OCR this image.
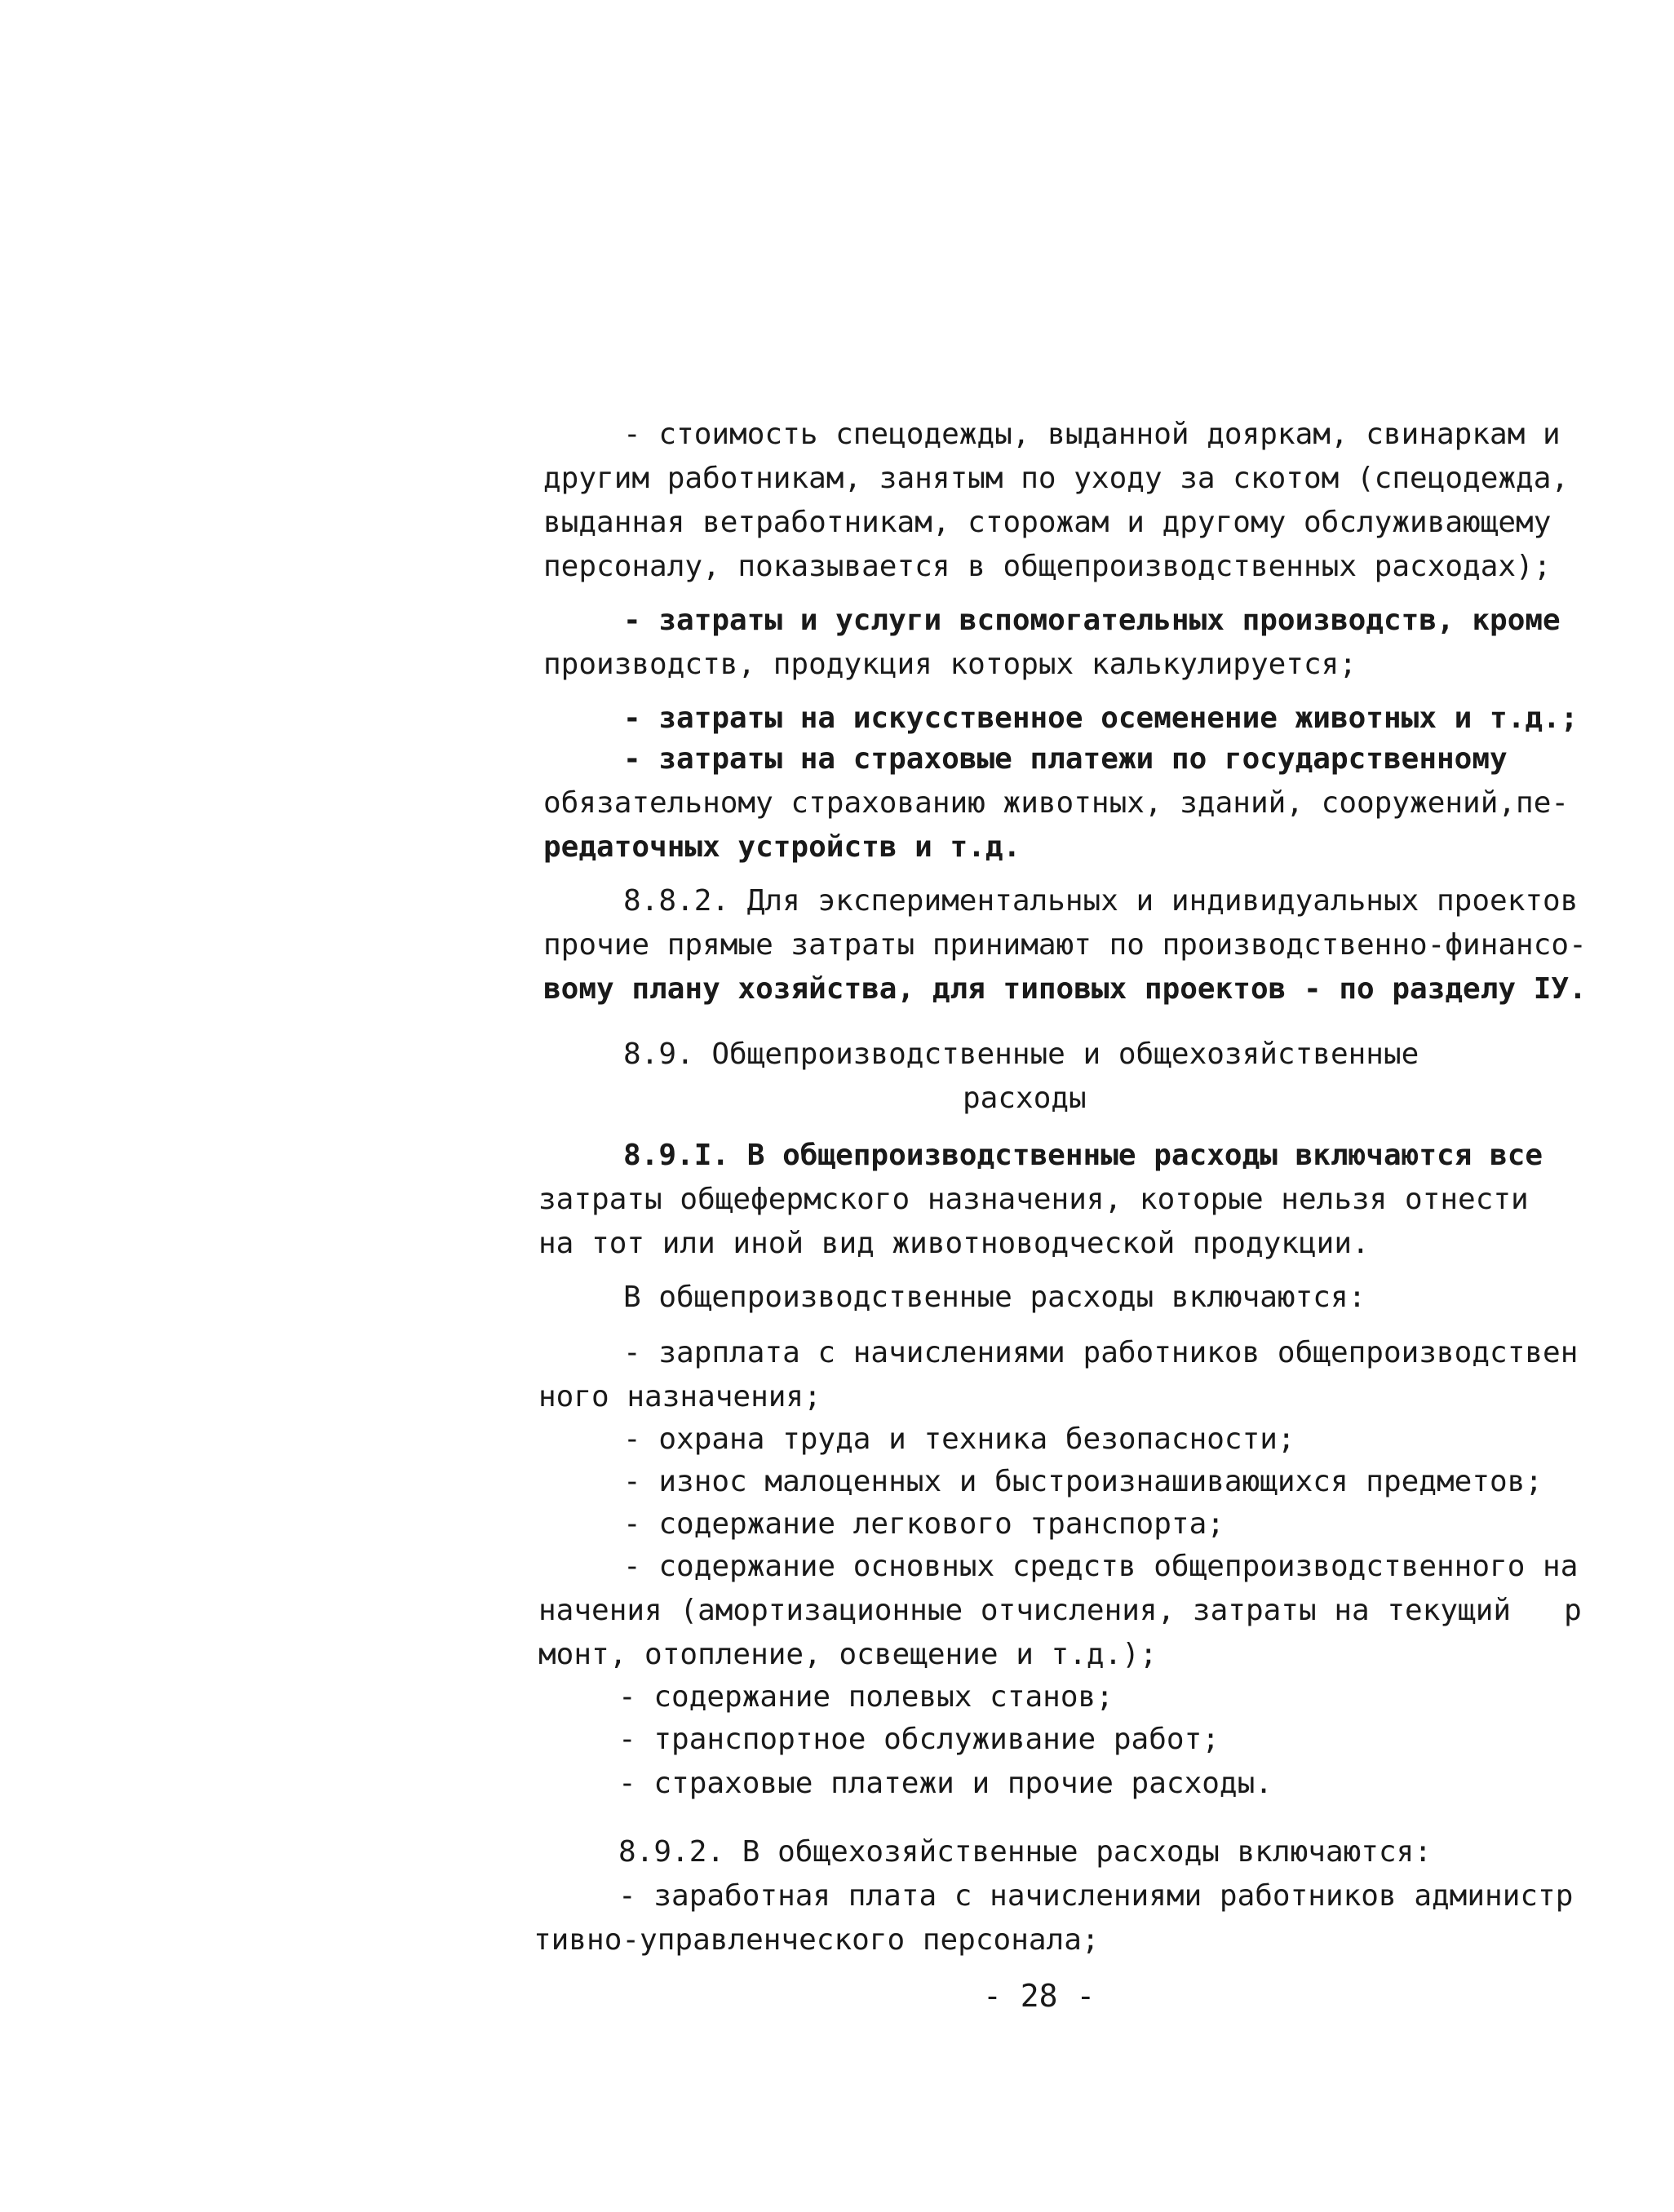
- стоимость спецодежды, выданной дояркам, свинаркам и

другим работникам, занятым по уходу за скотом (спецодежда,

выданная ветработникам, сторожам и другому обслуживающему

персоналу, показывается в общепроизводственных расходах);

- затраты и услуги вспомогательных производств, кроме

производств, продукция которых калькулируется;

- затраты на искусственное осеменение животных и т.д.;

- затраты на страховые платежи по государственному

обязательному страхованию животных, зданий, сооружений,пе-

редаточных устройств и т.д.

8.8.2. Для экспериментальных и индивидуальных проектов

прочие прямые затраты принимают по производственно-финансо-

вому плану хозяйства, для типовых проектов - по разделу IУ.

8.9. Общепроизводственные и общехозяйственные

расходы

8.9.I. В общепроизводственные расходы включаются все

затраты общефермского назначения, которые нельзя отнести

на тот или иной вид животноводческой продукции.

В общепроизводственные расходы включаются:

- зарплата с начислениями работников общепроизводствен

ного назначения;

- охрана труда и техника безопасности;

- износ малоценных и быстроизнашивающихся предметов;

- содержание легкового транспорта;

- содержание основных средств общепроизводственного на

начения (амортизационные отчисления, затраты на текущий   р

монт, отопление, освещение и т.д.);

- содержание полевых станов;

- транспортное обслуживание работ;

- страховые платежи и прочие расходы.

8.9.2. В общехозяйственные расходы включаются:

- заработная плата с начислениями работников администр

тивно-управленческого персонала;

- 28 -
